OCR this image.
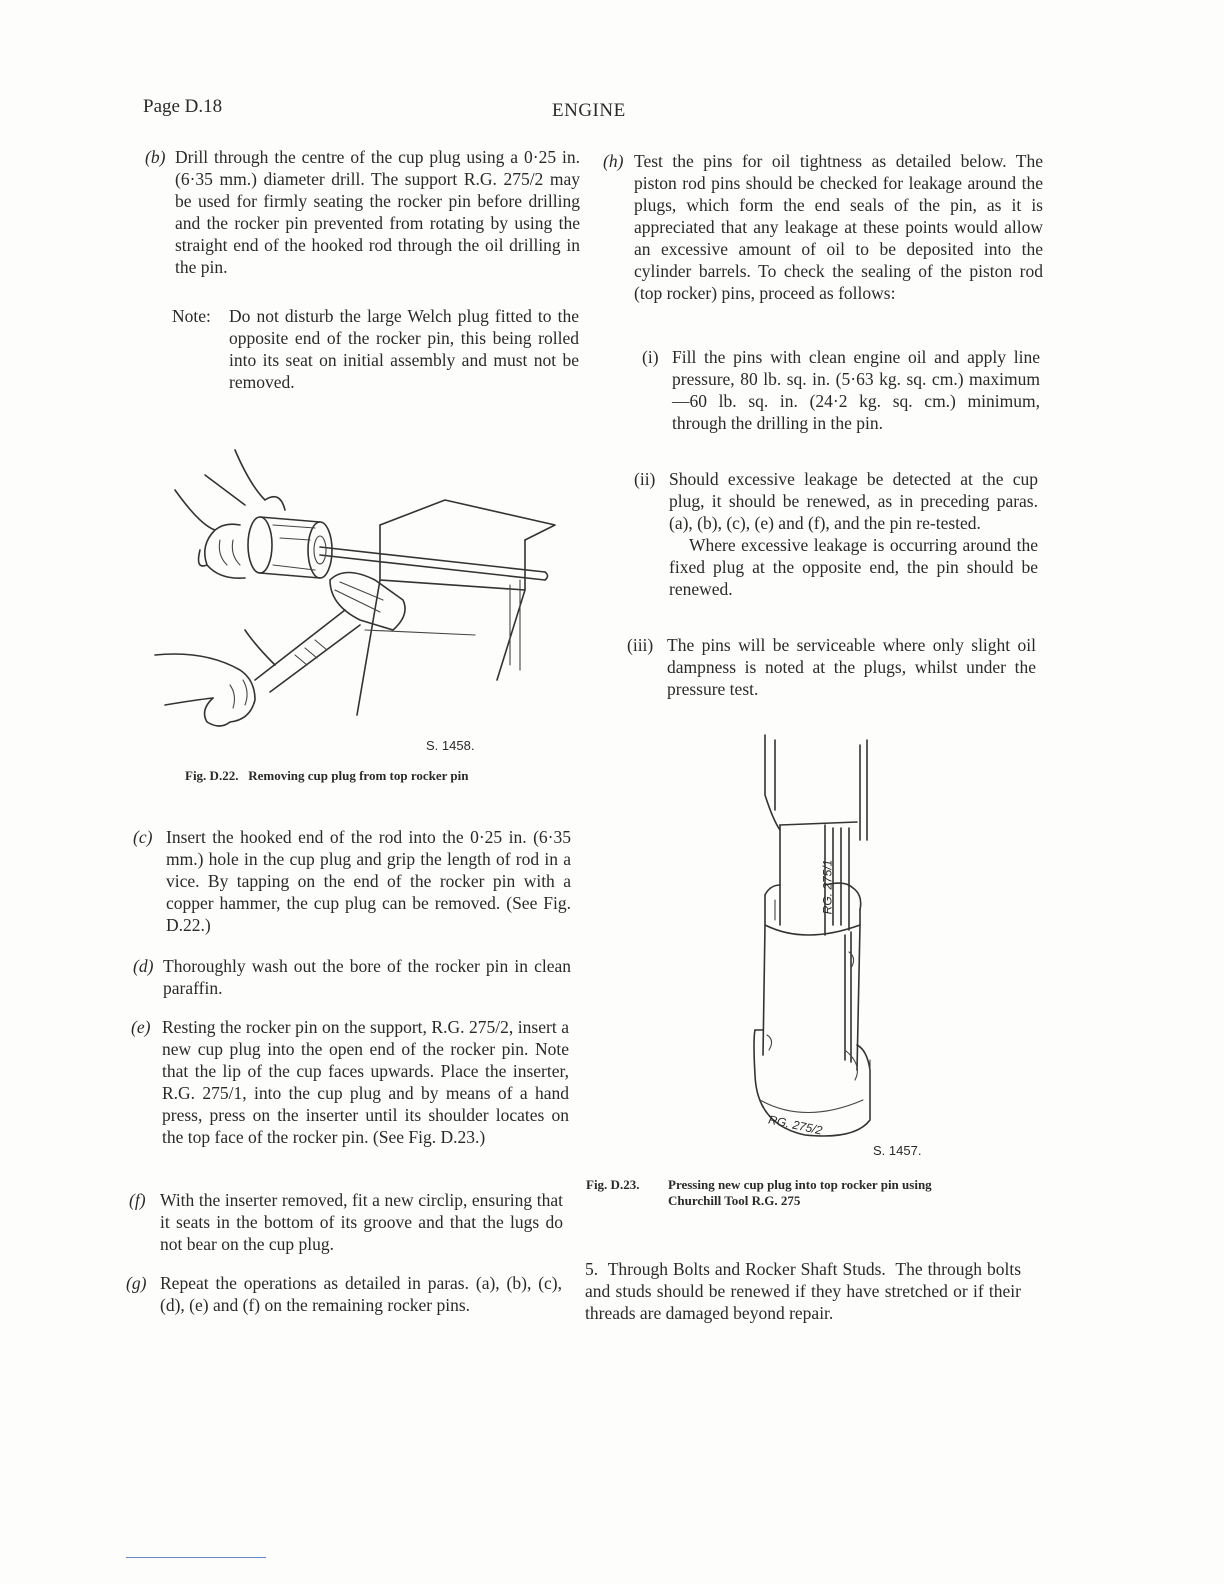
Page D.18	ENGINE
(b) Drill through the centre of the cup plug using a 0·25 in. (6·35 mm.) diameter drill. The support R.G. 275/2 may be used for firmly seating the rocker pin before drilling and the rocker pin prevented from rotating by using the straight end of the hooked rod through the oil drilling in the pin.
Note: Do not disturb the large Welch plug fitted to the opposite end of the rocker pin, this being rolled into its seat on initial assembly and must not be removed.
S. 1458.
Fig. D.22. Removing cup plug from top rocker pin
(c) Insert the hooked end of the rod into the 0·25 in. (6·35 mm.) hole in the cup plug and grip the length of rod in a vice. By tapping on the end of the rocker pin with a copper hammer, the cup plug can be removed. (See Fig. D.22.)
(d) Thoroughly wash out the bore of the rocker pin in clean paraffin.
(e) Resting the rocker pin on the support, R.G. 275/2, insert a new cup plug into the open end of the rocker pin. Note that the lip of the cup faces upwards. Place the inserter, R.G. 275/1, into the cup plug and by means of a hand press, press on the inserter until its shoulder locates on the top face of the rocker pin. (See Fig. D.23.)
(f) With the inserter removed, fit a new circlip, ensuring that it seats in the bottom of its groove and that the lugs do not bear on the cup plug.
(g) Repeat the operations as detailed in paras. (a), (b), (c), (d), (e) and (f) on the remaining rocker pins.
(h) Test the pins for oil tightness as detailed below. The piston rod pins should be checked for leakage around the plugs, which form the end seals of the pin, as it is appreciated that any leakage at these points would allow an excessive amount of oil to be deposited into the cylinder barrels. To check the sealing of the piston rod (top rocker) pins, proceed as follows:
(i) Fill the pins with clean engine oil and apply line pressure, 80 lb. sq. in. (5·63 kg. sq. cm.) maximum—60 lb. sq. in. (24·2 kg. sq. cm.) minimum, through the drilling in the pin.
(ii) Should excessive leakage be detected at the cup plug, it should be renewed, as in preceding paras. (a), (b), (c), (e) and (f), and the pin re-tested.
Where excessive leakage is occurring around the fixed plug at the opposite end, the pin should be renewed.
(iii) The pins will be serviceable where only slight oil dampness is noted at the plugs, whilst under the pressure test.
RG. 275/1
RG. 275/2
S. 1457.
Fig. D.23. Pressing new cup plug into top rocker pin using Churchill Tool R.G. 275
5. Through Bolts and Rocker Shaft Studs. The through bolts and studs should be renewed if they have stretched or if their threads are damaged beyond repair.
